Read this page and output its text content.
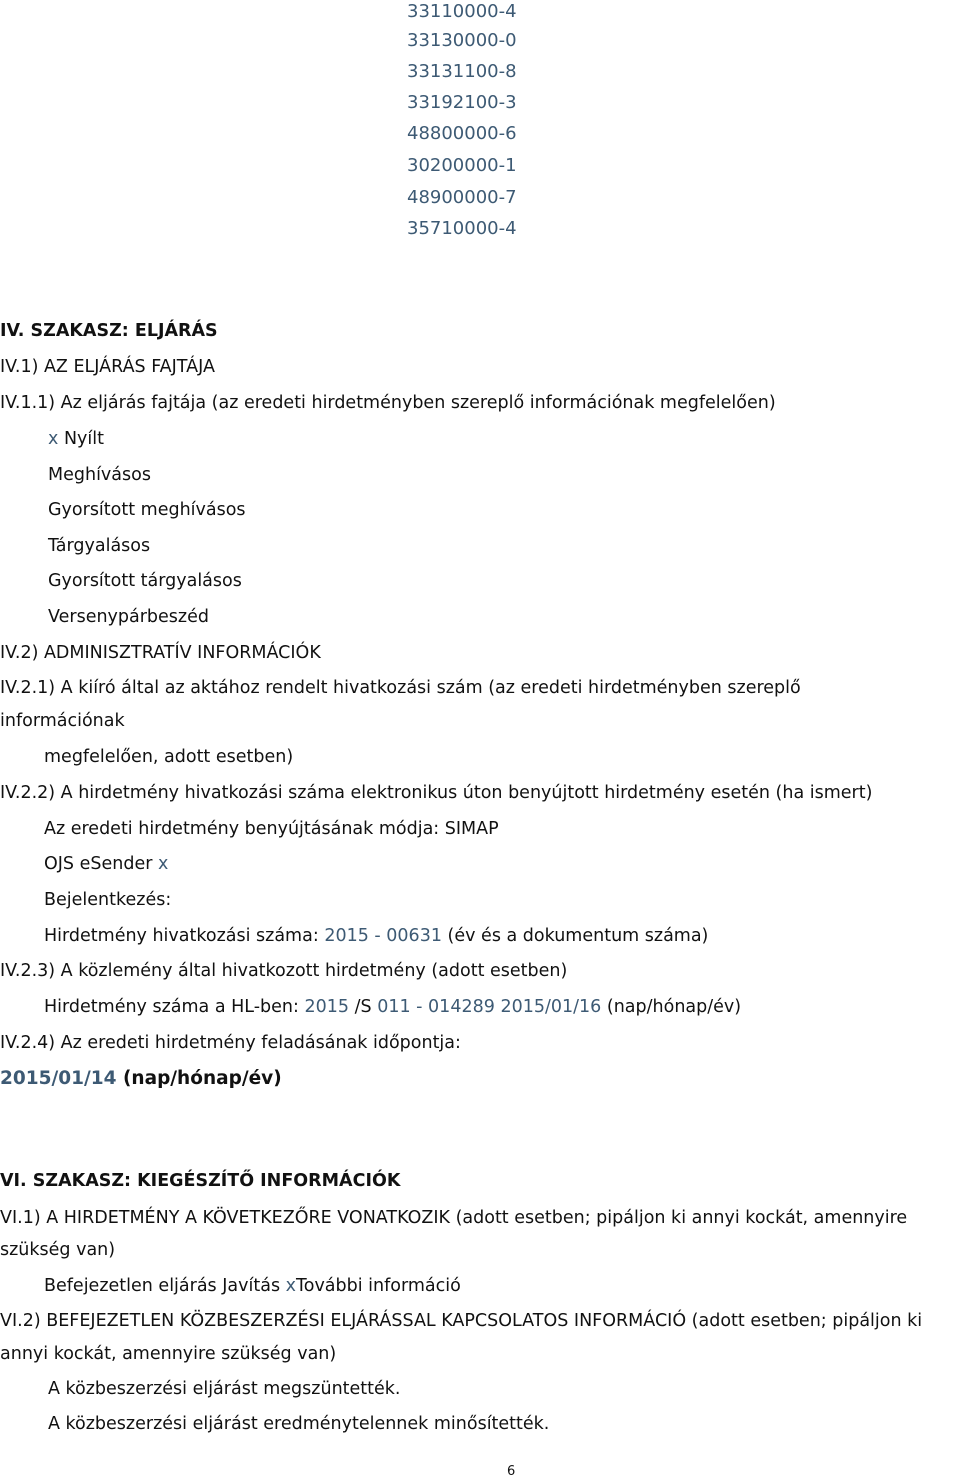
33110000-4
33130000-0
33131100-8
33192100-3
48800000-6
30200000-1
48900000-7
35710000-4
IV. SZAKASZ: ELJÁRÁS
IV.1) AZ ELJÁRÁS FAJTÁJA
IV.1.1) Az eljárás fajtája (az eredeti hirdetményben szereplő információnak megfelelően)
x Nyílt
Meghívásos
Gyorsított meghívásos
Tárgyalásos
Gyorsított tárgyalásos
Versenypárbeszéd
IV.2) ADMINISZTRATÍV INFORMÁCIÓK
IV.2.1) A kiíró által az aktához rendelt hivatkozási szám (az eredeti hirdetményben szereplő
információnak
megfelelően, adott esetben)
IV.2.2) A hirdetmény hivatkozási száma elektronikus úton benyújtott hirdetmény esetén (ha ismert)
Az eredeti hirdetmény benyújtásának módja: SIMAP
OJS eSender x
Bejelentkezés:
Hirdetmény hivatkozási száma: 2015 - 00631 (év és a dokumentum száma)
IV.2.3) A közlemény által hivatkozott hirdetmény (adott esetben)
Hirdetmény száma a HL-ben: 2015 /S 011 - 014289 2015/01/16 (nap/hónap/év)
IV.2.4) Az eredeti hirdetmény feladásának időpontja:
2015/01/14 (nap/hónap/év)
VI. SZAKASZ: KIEGÉSZÍTŐ INFORMÁCIÓK
VI.1) A HIRDETMÉNY A KÖVETKEZŐRE VONATKOZIK (adott esetben; pipáljon ki annyi kockát, amennyire
szükség van)
Befejezetlen eljárás Javítás xTovábbi információ
VI.2) BEFEJEZETLEN KÖZBESZERZÉSI ELJÁRÁSSAL KAPCSOLATOS INFORMÁCIÓ (adott esetben; pipáljon ki
annyi kockát, amennyire szükség van)
A közbeszerzési eljárást megszüntették.
A közbeszerzési eljárást eredménytelennek minősítették.
6
